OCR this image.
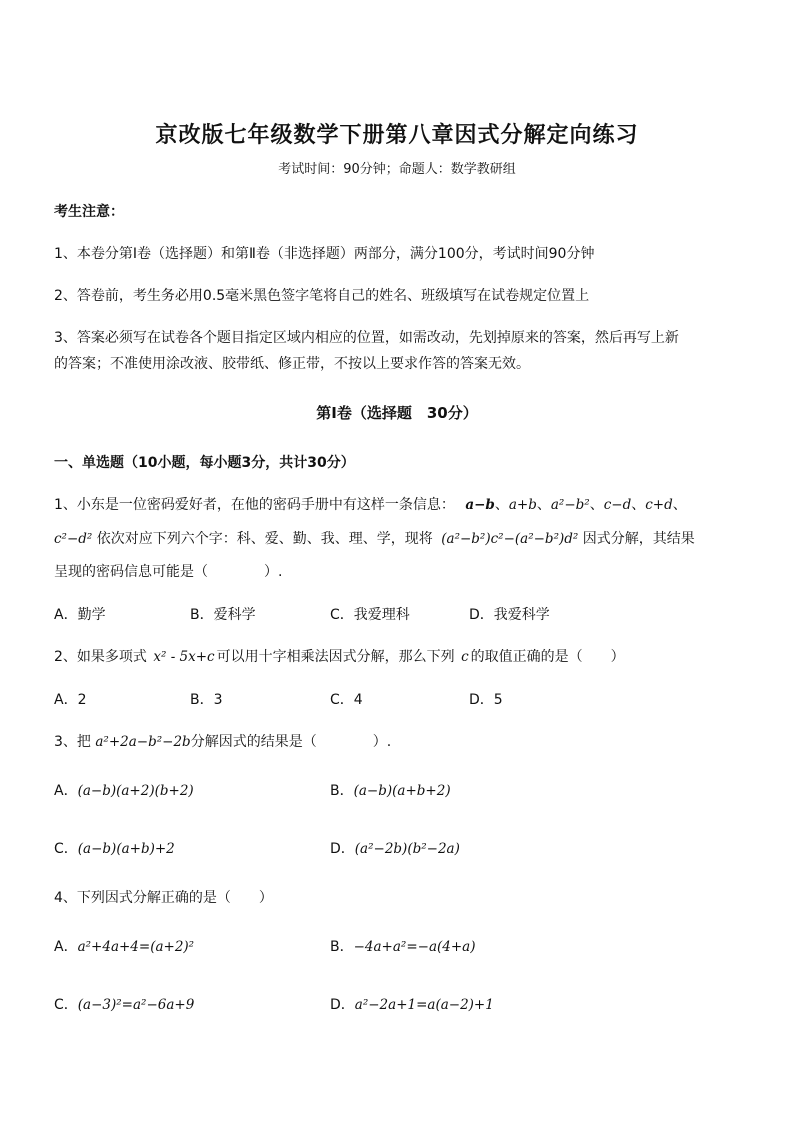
京改版七年级数学下册第八章因式分解定向练习
考试时间：90分钟；命题人：数学教研组
考生注意：
1、本卷分第Ⅰ卷（选择题）和第Ⅱ卷（非选择题）两部分，满分100分，考试时间90分钟
2、答卷前，考生务必用0.5毫米黑色签字笔将自己的姓名、班级填写在试卷规定位置上
3、答案必须写在试卷各个题目指定区域内相应的位置，如需改动，先划掉原来的答案，然后再写上新
的答案；不准使用涂改液、胶带纸、修正带，不按以上要求作答的答案无效。
第Ⅰ卷（选择题　30分）
一、单选题（10小题，每小题3分，共计30分）
1、小东是一位密码爱好者，在他的密码手册中有这样一条信息： a−b、a+b、a²−b²、c−d、c+d、
c²−d² 依次对应下列六个字：科、爱、勤、我、理、学，现将 (a²−b²)c²−(a²−b²)d² 因式分解，其结果
呈现的密码信息可能是（　　　　）.
A．勤学	B．爱科学	C．我爱理科	D．我爱科学
2、如果多项式 x² - 5x+c 可以用十字相乘法因式分解，那么下列 c 的取值正确的是（　　）
A．2	B．3	C．4	D．5
3、把 a²+2a−b²−2b分解因式的结果是（　　　　）.
A．(a−b)(a+2)(b+2)	B．(a−b)(a+b+2)
C．(a−b)(a+b)+2	D．(a²−2b)(b²−2a)
4、下列因式分解正确的是（　　）
A．a²+4a+4=(a+2)²	B．−4a+a²=−a(4+a)
C．(a−3)²=a²−6a+9	D．a²−2a+1=a(a−2)+1
